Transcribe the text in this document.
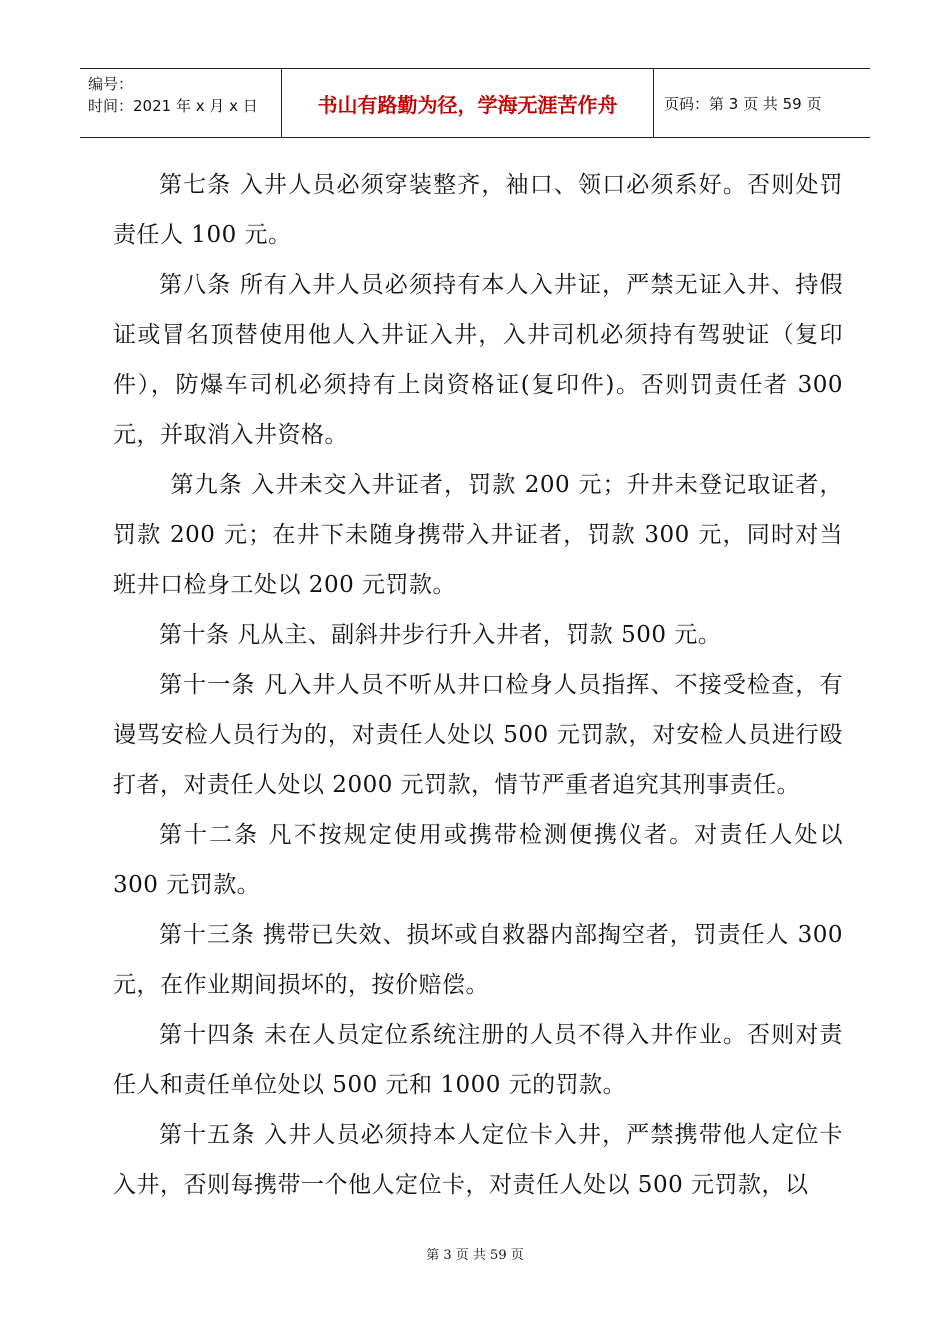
编号：
时间：2021 年 x 月 x 日	书山有路勤为径，学海无涯苦作舟	页码：第 3 页 共 59 页

第七条 入井人员必须穿装整齐，袖口、领口必须系好。否则处罚责任人 100 元。

第八条 所有入井人员必须持有本人入井证，严禁无证入井、持假证或冒名顶替使用他人入井证入井，入井司机必须持有驾驶证（复印件），防爆车司机必须持有上岗资格证(复印件)。否则罚责任者 300 元，并取消入井资格。

第九条 入井未交入井证者，罚款 200 元；升井未登记取证者，罚款 200 元；在井下未随身携带入井证者，罚款 300 元，同时对当班井口检身工处以 200 元罚款。

第十条 凡从主、副斜井步行升入井者，罚款 500 元。

第十一条 凡入井人员不听从井口检身人员指挥、不接受检查，有谩骂安检人员行为的，对责任人处以 500 元罚款，对安检人员进行殴打者，对责任人处以 2000 元罚款，情节严重者追究其刑事责任。

第十二条 凡不按规定使用或携带检测便携仪者。对责任人处以 300 元罚款。

第十三条 携带已失效、损坏或自救器内部掏空者，罚责任人 300 元，在作业期间损坏的，按价赔偿。

第十四条 未在人员定位系统注册的人员不得入井作业。否则对责任人和责任单位处以 500 元和 1000 元的罚款。

第十五条 入井人员必须持本人定位卡入井，严禁携带他人定位卡入井，否则每携带一个他人定位卡，对责任人处以 500 元罚款，以

第 3 页 共 59 页
